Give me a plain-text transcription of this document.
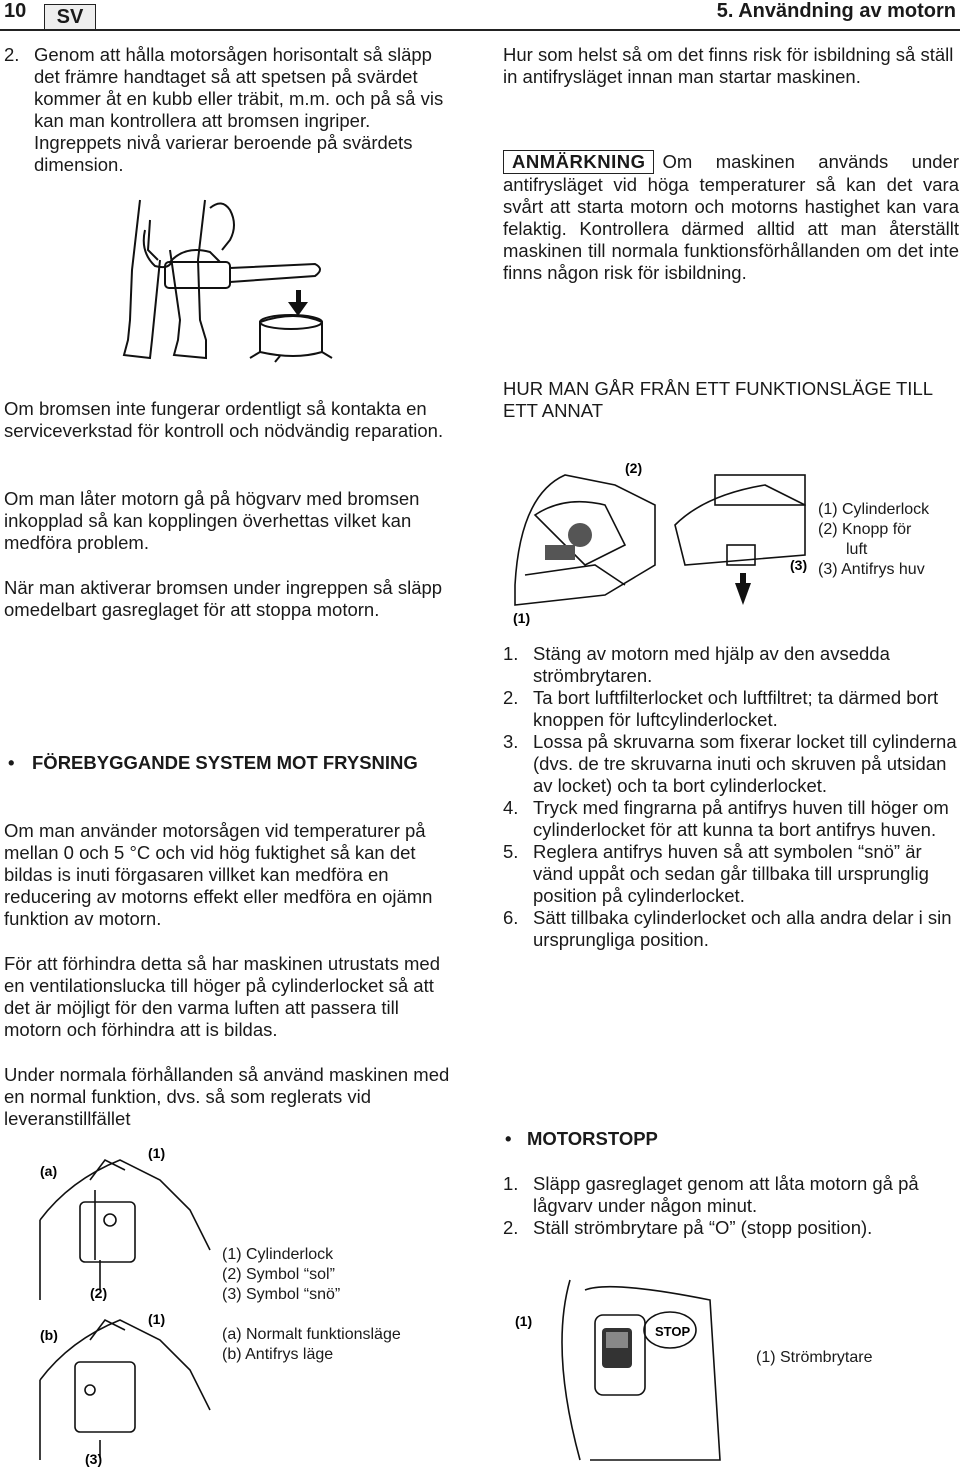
10	SV	5. Användning av motorn
2. Genom att hålla motorsågen horisontalt så släpp det främre handtaget så att spetsen på svärdet kommer åt en kubb eller träbit, m.m. och på så vis kan man kontrollera att bromsen ingriper. Ingreppets nivå varierar beroende på svärdets dimension.
Om bromsen inte fungerar ordentligt så kontakta en serviceverkstad för kontroll och nödvändig reparation.
Om man låter motorn gå på högvarv med bromsen inkopplad så kan kopplingen överhettas vilket kan medföra problem.
När man aktiverar bromsen under ingreppen så släpp omedelbart gasreglaget för att stoppa motorn.
• FÖREBYGGANDE SYSTEM MOT FRYSNING
Om man använder motorsågen vid temperaturer på mellan 0 och 5 °C och vid hög fuktighet så kan det bildas is inuti förgasaren villket kan medföra en reducering av motorns effekt eller medföra en ojämn funktion av motorn.
För att förhindra detta så har maskinen utrustats med en ventilationslucka till höger på cylinderlocket så att det är möjligt för den varma luften att passera till motorn och förhindra att is bildas.
Under normala förhållanden så använd maskinen med en normal funktion, dvs. så som reglerats vid leveranstillfället
(a)
(1)
(2)
(b)
(1)
(3)
(1) Cylinderlock
(2) Symbol “sol”
(3) Symbol “snö”
(a) Normalt funktionsläge
(b) Antifrys läge
Hur som helst så om det finns risk för isbildning så ställ in antifrysläget innan man startar maskinen.
ANMÄRKNING Om maskinen används under antifrysläget vid höga temperaturer så kan det vara svårt att starta motorn och motorns hastighet kan vara felaktig. Kontrollera därmed alltid att man återställt maskinen till normala funktionsförhållanden om det inte finns någon risk för isbildning.
HUR MAN GÅR FRÅN ETT FUNKTIONSLÄGE TILL ETT ANNAT
(2)
(3)
(1)
(1) Cylinderlock
(2) Knopp för
luft
(3) Antifrys huv
1. Stäng av motorn med hjälp av den avsedda strömbrytaren.
2. Ta bort luftfilterlocket och luftfiltret; ta därmed bort knoppen för luftcylinderlocket.
3. Lossa på skruvarna som fixerar locket till cylinderna (dvs. de tre skruvarna inuti och skruven på utsidan av locket) och ta bort cylinderlocket.
4. Tryck med fingrarna på antifrys huven till höger om cylinderlocket för att kunna ta bort antifrys huven.
5. Reglera antifrys huven så att symbolen “snö” är vänd uppåt och sedan går tillbaka till ursprunglig position på cylinderlocket.
6. Sätt tillbaka cylinderlocket och alla andra delar i sin ursprungliga position.
• MOTORSTOPP
1. Släpp gasreglaget genom att låta motorn gå på lågvarv under någon minut.
2. Ställ strömbrytare på “O” (stopp position).
STOP
(1)
(1) Strömbrytare
